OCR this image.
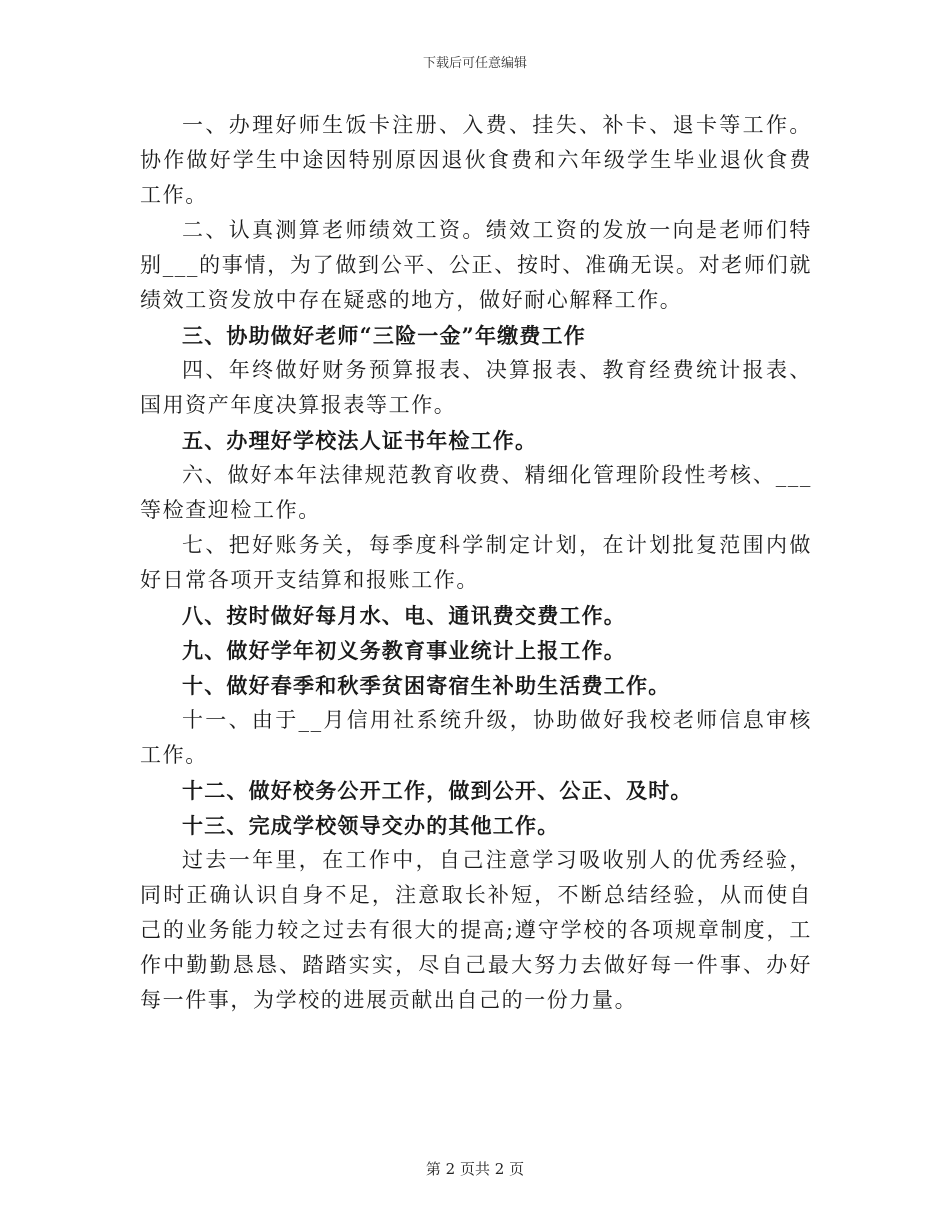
下载后可任意编辑

一、办理好师生饭卡注册、入费、挂失、补卡、退卡等工作。协作做好学生中途因特别原因退伙食费和六年级学生毕业退伙食费工作。

二、认真测算老师绩效工资。绩效工资的发放一向是老师们特别___的事情，为了做到公平、公正、按时、准确无误。对老师们就绩效工资发放中存在疑惑的地方，做好耐心解释工作。

三、协助做好老师“三险一金”年缴费工作

四、年终做好财务预算报表、决算报表、教育经费统计报表、国用资产年度决算报表等工作。

五、办理好学校法人证书年检工作。

六、做好本年法律规范教育收费、精细化管理阶段性考核、___等检查迎检工作。

七、把好账务关，每季度科学制定计划，在计划批复范围内做好日常各项开支结算和报账工作。

八、按时做好每月水、电、通讯费交费工作。

九、做好学年初义务教育事业统计上报工作。

十、做好春季和秋季贫困寄宿生补助生活费工作。

十一、由于__月信用社系统升级，协助做好我校老师信息审核工作。

十二、做好校务公开工作，做到公开、公正、及时。

十三、完成学校领导交办的其他工作。

过去一年里，在工作中，自己注意学习吸收别人的优秀经验，同时正确认识自身不足，注意取长补短，不断总结经验，从而使自己的业务能力较之过去有很大的提高;遵守学校的各项规章制度，工作中勤勤恳恳、踏踏实实，尽自己最大努力去做好每一件事、办好每一件事，为学校的进展贡献出自己的一份力量。

第 2 页共 2 页
